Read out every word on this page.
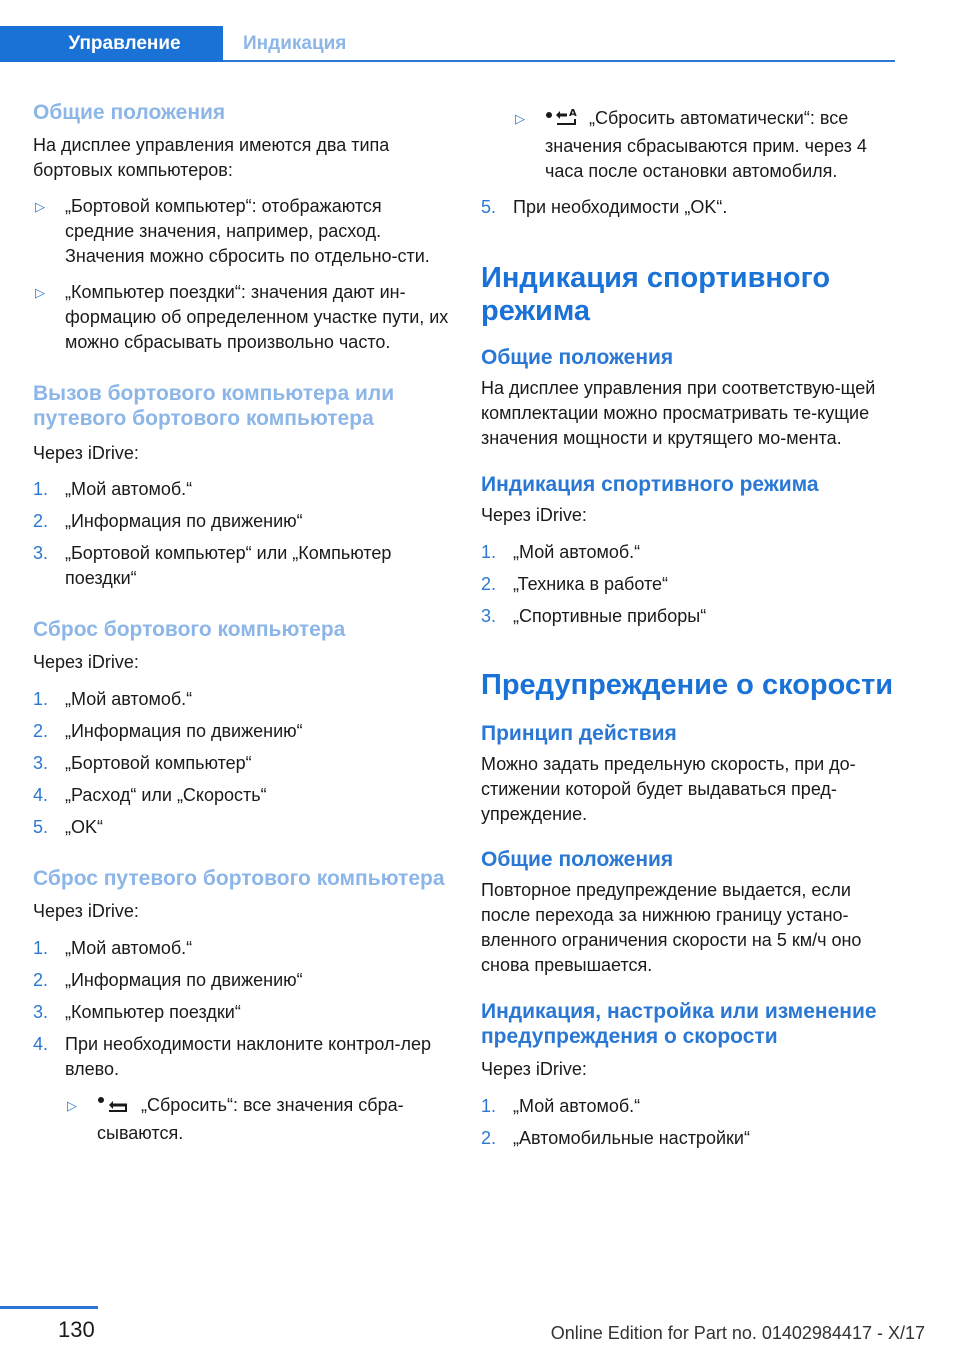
Управление	Индикация
Общие положения
На дисплее управления имеются два типа бортовых компьютеров:
▷ „Бортовой компьютер“: отображаются средние значения, например, расход. Значения можно сбросить по отдельно-сти.
▷ „Компьютер поездки“: значения дают ин-формацию об определенном участке пути, их можно сбрасывать произвольно часто.
Вызов бортового компьютера или путевого бортового компьютера
Через iDrive:
1. „Мой автомоб.“
2. „Информация по движению“
3. „Бортовой компьютер“ или „Компьютер поездки“
Сброс бортового компьютера
Через iDrive:
1. „Мой автомоб.“
2. „Информация по движению“
3. „Бортовой компьютер“
4. „Расход“ или „Скорость“
5. „OK“
Сброс путевого бортового компьютера
Через iDrive:
1. „Мой автомоб.“
2. „Информация по движению“
3. „Компьютер поездки“
4. При необходимости наклоните контрол-лер влево.
▷	„Сбросить“: все значения сбра-сываются.
▷	A „Сбросить автоматически“: все значения сбрасываются прим. через 4 часа после остановки автомобиля.
5. При необходимости „OK“.
Индикация спортивного режима
Общие положения
На дисплее управления при соответствую-щей комплектации можно просматривать те-кущие значения мощности и крутящего мо-мента.
Индикация спортивного режима
Через iDrive:
1. „Мой автомоб.“
2. „Техника в работе“
3. „Спортивные приборы“
Предупреждение о скорости
Принцип действия
Можно задать предельную скорость, при до-стижении которой будет выдаваться пред-упреждение.
Общие положения
Повторное предупреждение выдается, если после перехода за нижнюю границу устано-вленного ограничения скорости на 5 км/ч оно снова превышается.
Индикация, настройка или изменение предупреждения о скорости
Через iDrive:
1. „Мой автомоб.“
2. „Автомобильные настройки“
130	Online Edition for Part no. 01402984417 - X/17
